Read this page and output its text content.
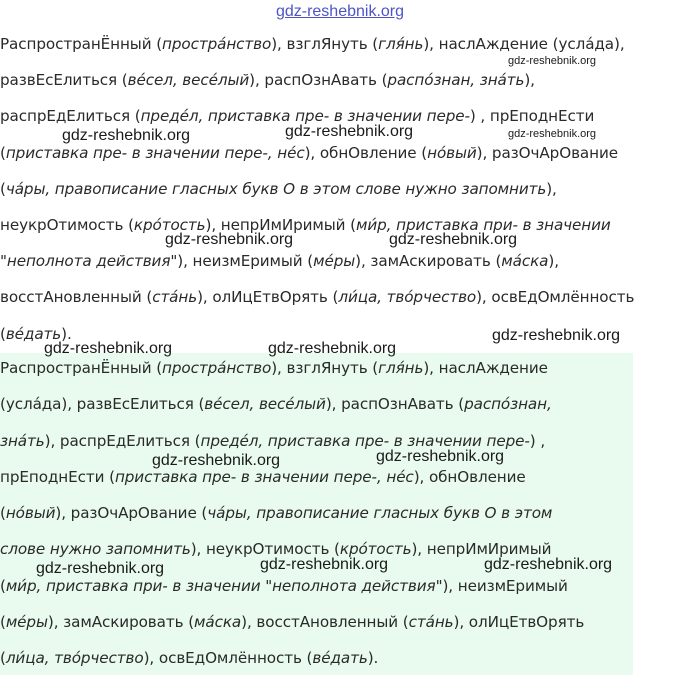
gdz-reshebnik.org
РаспространЁнный (простра́нство), взглЯнуть (гля́нь), наслАждение (усла́да),
развЕсЕлиться (ве́сел, весе́лый), распОзнАвать (распо́знан, зна́ть),
распрЕдЕлиться (преде́л, приставка пре- в значении пере-) , прЕподнЕсти
(приставка пре- в значении пере-, не́с), обнОвление (но́вый), разОчАрОвание
(ча́ры, правописание гласных букв О в этом слове нужно запомнить),
неукрОтимость (кро́тость), непрИмИримый (ми́р, приставка при- в значении
"неполнота действия"), неизмЕримый (ме́ры), замАскировать (ма́ска),
восстАновленный (ста́нь), олИцЕтвОрять (ли́ца, тво́рчество), освЕдОмлённость
(ве́дать).
РаспространЁнный (простра́нство), взглЯнуть (гля́нь), наслАждение
(усла́да), развЕсЕлиться (ве́сел, весе́лый), распОзнАвать (распо́знан,
зна́ть), распрЕдЕлиться (преде́л, приставка пре- в значении пере-) ,
прЕподнЕсти (приставка пре- в значении пере-, не́с), обнОвление
(но́вый), разОчАрОвание (ча́ры, правописание гласных букв О в этом
слове нужно запомнить), неукрОтимость (кро́тость), непрИмИримый
(ми́р, приставка при- в значении "неполнота действия"), неизмЕримый
(ме́ры), замАскировать (ма́ска), восстАновленный (ста́нь), олИцЕтвОрять
(ли́ца, тво́рчество), освЕдОмлённость (ве́дать).
gdz-reshebnik.org
gdz-reshebnik.org	gdz-reshebnik.org	gdz-reshebnik.org
gdz-reshebnik.org	gdz-reshebnik.org
gdz-reshebnik.org
gdz-reshebnik.org	gdz-reshebnik.org
gdz-reshebnik.org	gdz-reshebnik.org
gdz-reshebnik.org	gdz-reshebnik.org	gdz-reshebnik.org
